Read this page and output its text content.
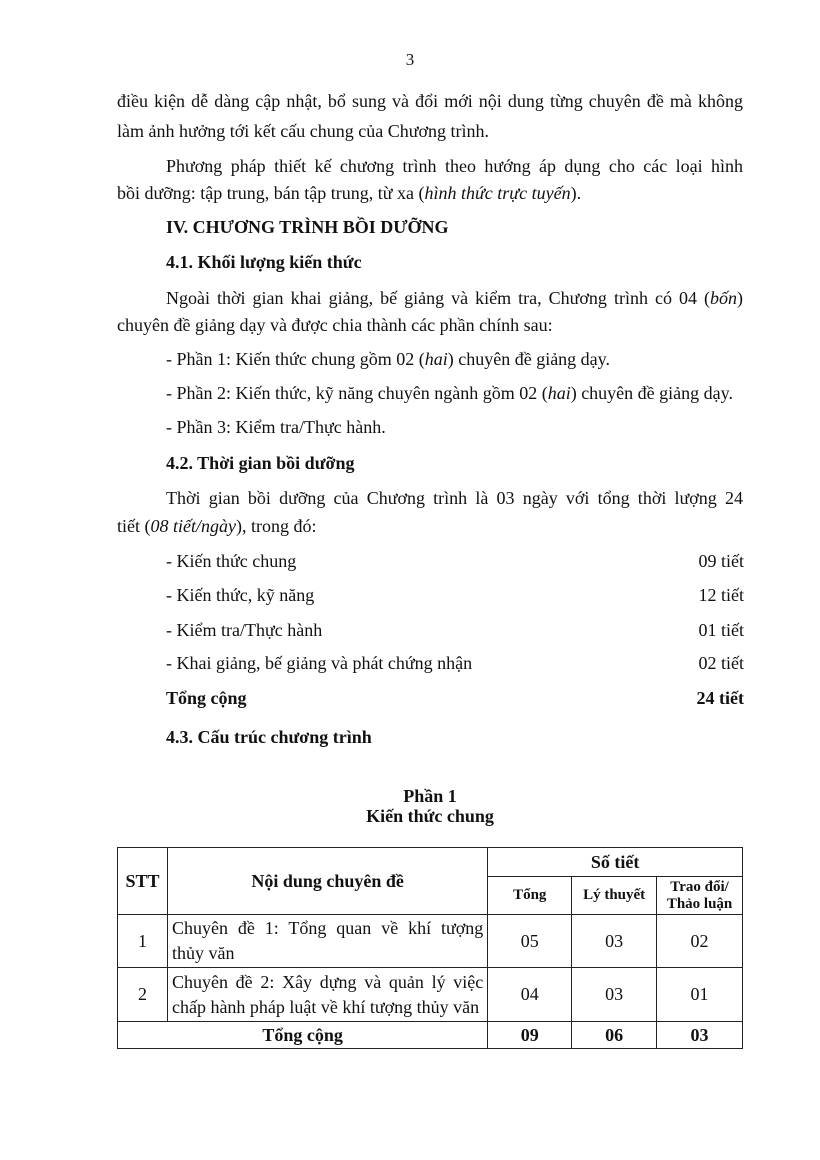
3
điều kiện dễ dàng cập nhật, bổ sung và đổi mới nội dung từng chuyên đề mà không
làm ảnh hưởng tới kết cấu chung của Chương trình.
Phương pháp thiết kế chương trình theo hướng áp dụng cho các loại hình
bồi dưỡng: tập trung, bán tập trung, từ xa (hình thức trực tuyến).
IV. CHƯƠNG TRÌNH BỒI DƯỠNG
4.1. Khối lượng kiến thức
Ngoài thời gian khai giảng, bế giảng và kiểm tra, Chương trình có 04 (bốn)
chuyên đề giảng dạy và được chia thành các phần chính sau:
- Phần 1: Kiến thức chung gồm 02 (hai) chuyên đề giảng dạy.
- Phần 2: Kiến thức, kỹ năng chuyên ngành gồm 02 (hai) chuyên đề giảng dạy.
- Phần 3: Kiểm tra/Thực hành.
4.2. Thời gian bồi dưỡng
Thời gian bồi dưỡng của Chương trình là 03 ngày với tổng thời lượng 24
tiết (08 tiết/ngày), trong đó:
- Kiến thức chung	09 tiết
- Kiến thức, kỹ năng	12 tiết
- Kiểm tra/Thực hành	01 tiết
- Khai giảng, bế giảng và phát chứng nhận	02 tiết
Tổng cộng	24 tiết
4.3. Cấu trúc chương trình
Phần 1
Kiến thức chung
STT	Nội dung chuyên đề	Số tiết		
		Tổng	Lý thuyết	Trao đổi/
Thảo luận
1	Chuyên đề 1: Tổng quan về khí tượng
thủy văn	05	03	02
2	Chuyên đề 2: Xây dựng và quản lý việc
chấp hành pháp luật về khí tượng thủy văn	04	03	01
Tổng cộng		09	06	03
